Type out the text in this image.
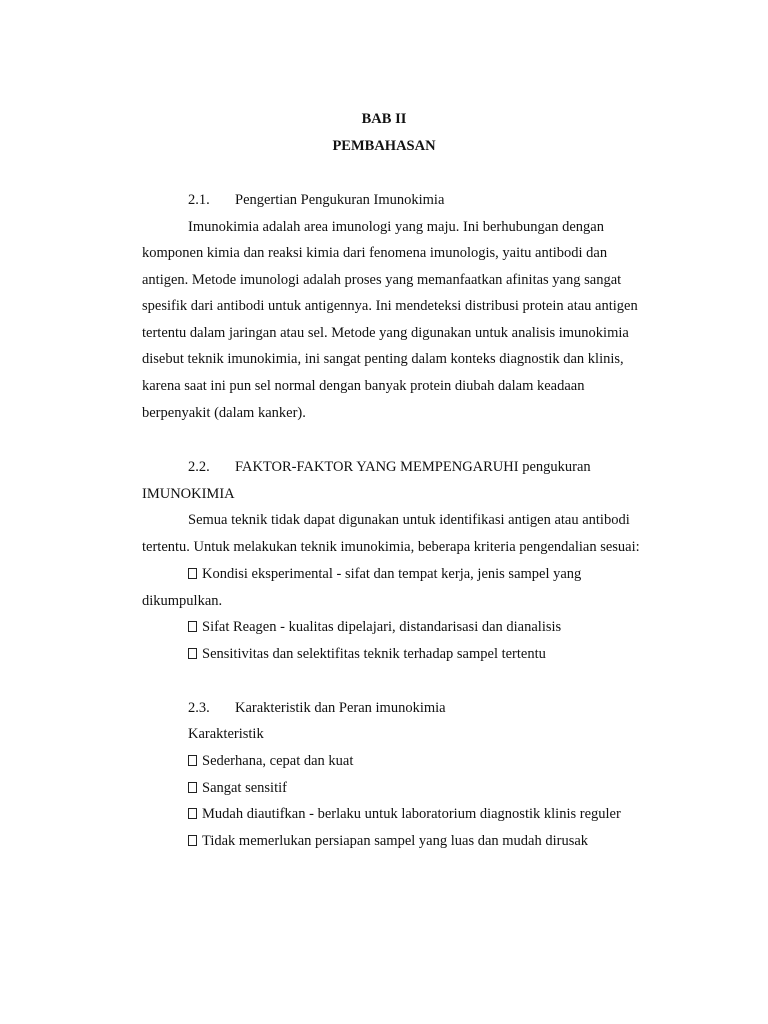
BAB II
PEMBAHASAN
2.1. Pengertian Pengukuran Imunokimia
Imunokimia adalah area imunologi yang maju. Ini berhubungan dengan
komponen kimia dan reaksi kimia dari fenomena imunologis, yaitu antibodi dan
antigen. Metode imunologi adalah proses yang memanfaatkan afinitas yang sangat
spesifik dari antibodi untuk antigennya. Ini mendeteksi distribusi protein atau antigen
tertentu dalam jaringan atau sel. Metode yang digunakan untuk analisis imunokimia
disebut teknik imunokimia, ini sangat penting dalam konteks diagnostik dan klinis,
karena saat ini pun sel normal dengan banyak protein diubah dalam keadaan
berpenyakit (dalam kanker).
2.2. FAKTOR-FAKTOR YANG MEMPENGARUHI pengukuran
IMUNOKIMIA
Semua teknik tidak dapat digunakan untuk identifikasi antigen atau antibodi
tertentu. Untuk melakukan teknik imunokimia, beberapa kriteria pengendalian sesuai:
Kondisi eksperimental - sifat dan tempat kerja, jenis sampel yang
dikumpulkan.
Sifat Reagen - kualitas dipelajari, distandarisasi dan dianalisis
Sensitivitas dan selektifitas teknik terhadap sampel tertentu
2.3. Karakteristik dan Peran imunokimia
Karakteristik
Sederhana, cepat dan kuat
Sangat sensitif
Mudah diautifkan - berlaku untuk laboratorium diagnostik klinis reguler
Tidak memerlukan persiapan sampel yang luas dan mudah dirusak
